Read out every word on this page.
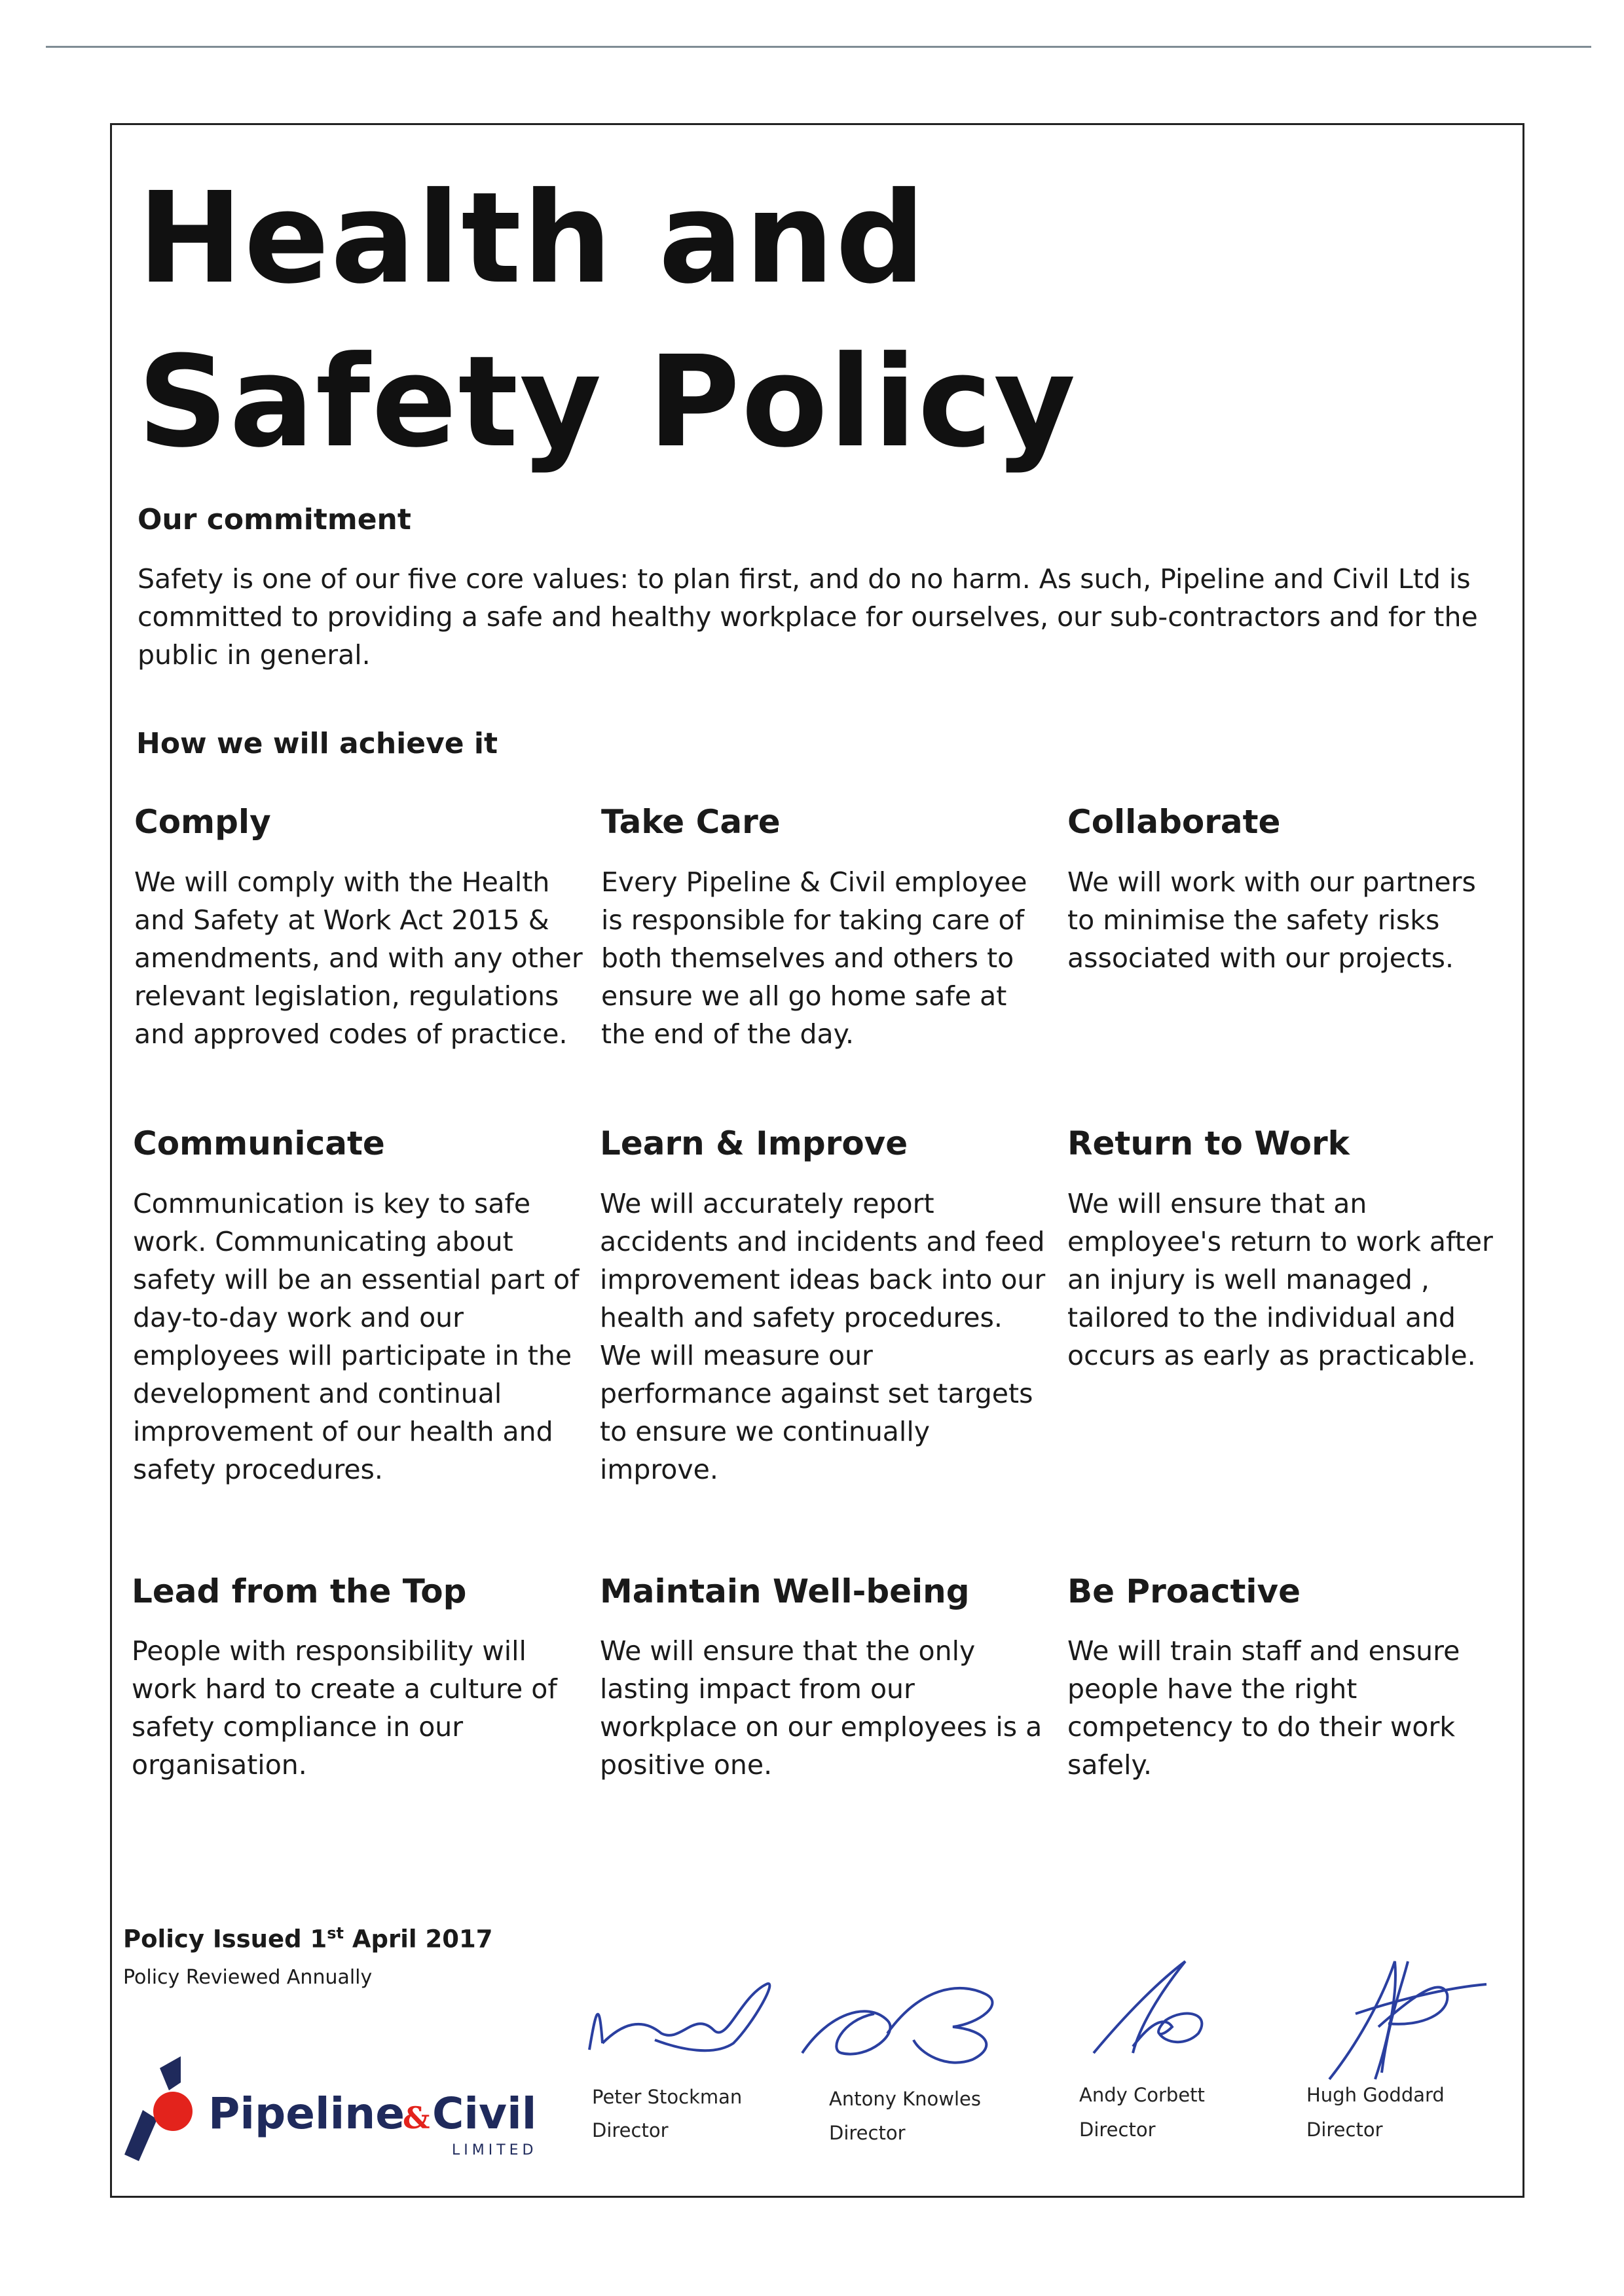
Health and
Safety Policy
Our commitment

Safety is one of our five core values: to plan first, and do no harm. As such, Pipeline and Civil Ltd is committed to providing a safe and healthy workplace for ourselves, our sub-contractors and for the public in general.

How we will achieve it
Comply

We will comply with the Health and Safety at Work Act 2015 & amendments, and with any other relevant legislation, regulations and approved codes of practice.

Take Care

Every Pipeline & Civil employee is responsible for taking care of both themselves and others to ensure we all go home safe at the end of the day.

Collaborate

We will work with our partners to minimise the safety risks associated with our projects.

Communicate

Communication is key to safe work. Communicating about safety will be an essential part of day-to-day work and our employees will participate in the development and continual improvement of our health and safety procedures.

Learn & Improve

We will accurately report accidents and incidents and feed improvement ideas back into our health and safety procedures. We will measure our performance against set targets to ensure we continually improve.

Return to Work

We will ensure that an employee's return to work after an injury is well managed , tailored to the individual and occurs as early as practicable.

Lead from the Top

People with responsibility will work hard to create a culture of safety compliance in our organisation.

Maintain Well-being

We will ensure that the only lasting impact from our workplace on our employees is a positive one.

Be Proactive

We will train staff and ensure people have the right competency to do their work safely.

Policy Issued 1st April 2017
Policy Reviewed Annually
Pipeline
& Civil
LIMITED
Peter Stockman
Director
Antony Knowles
Director
Andy Corbett
Director
Hugh Goddard
Director
